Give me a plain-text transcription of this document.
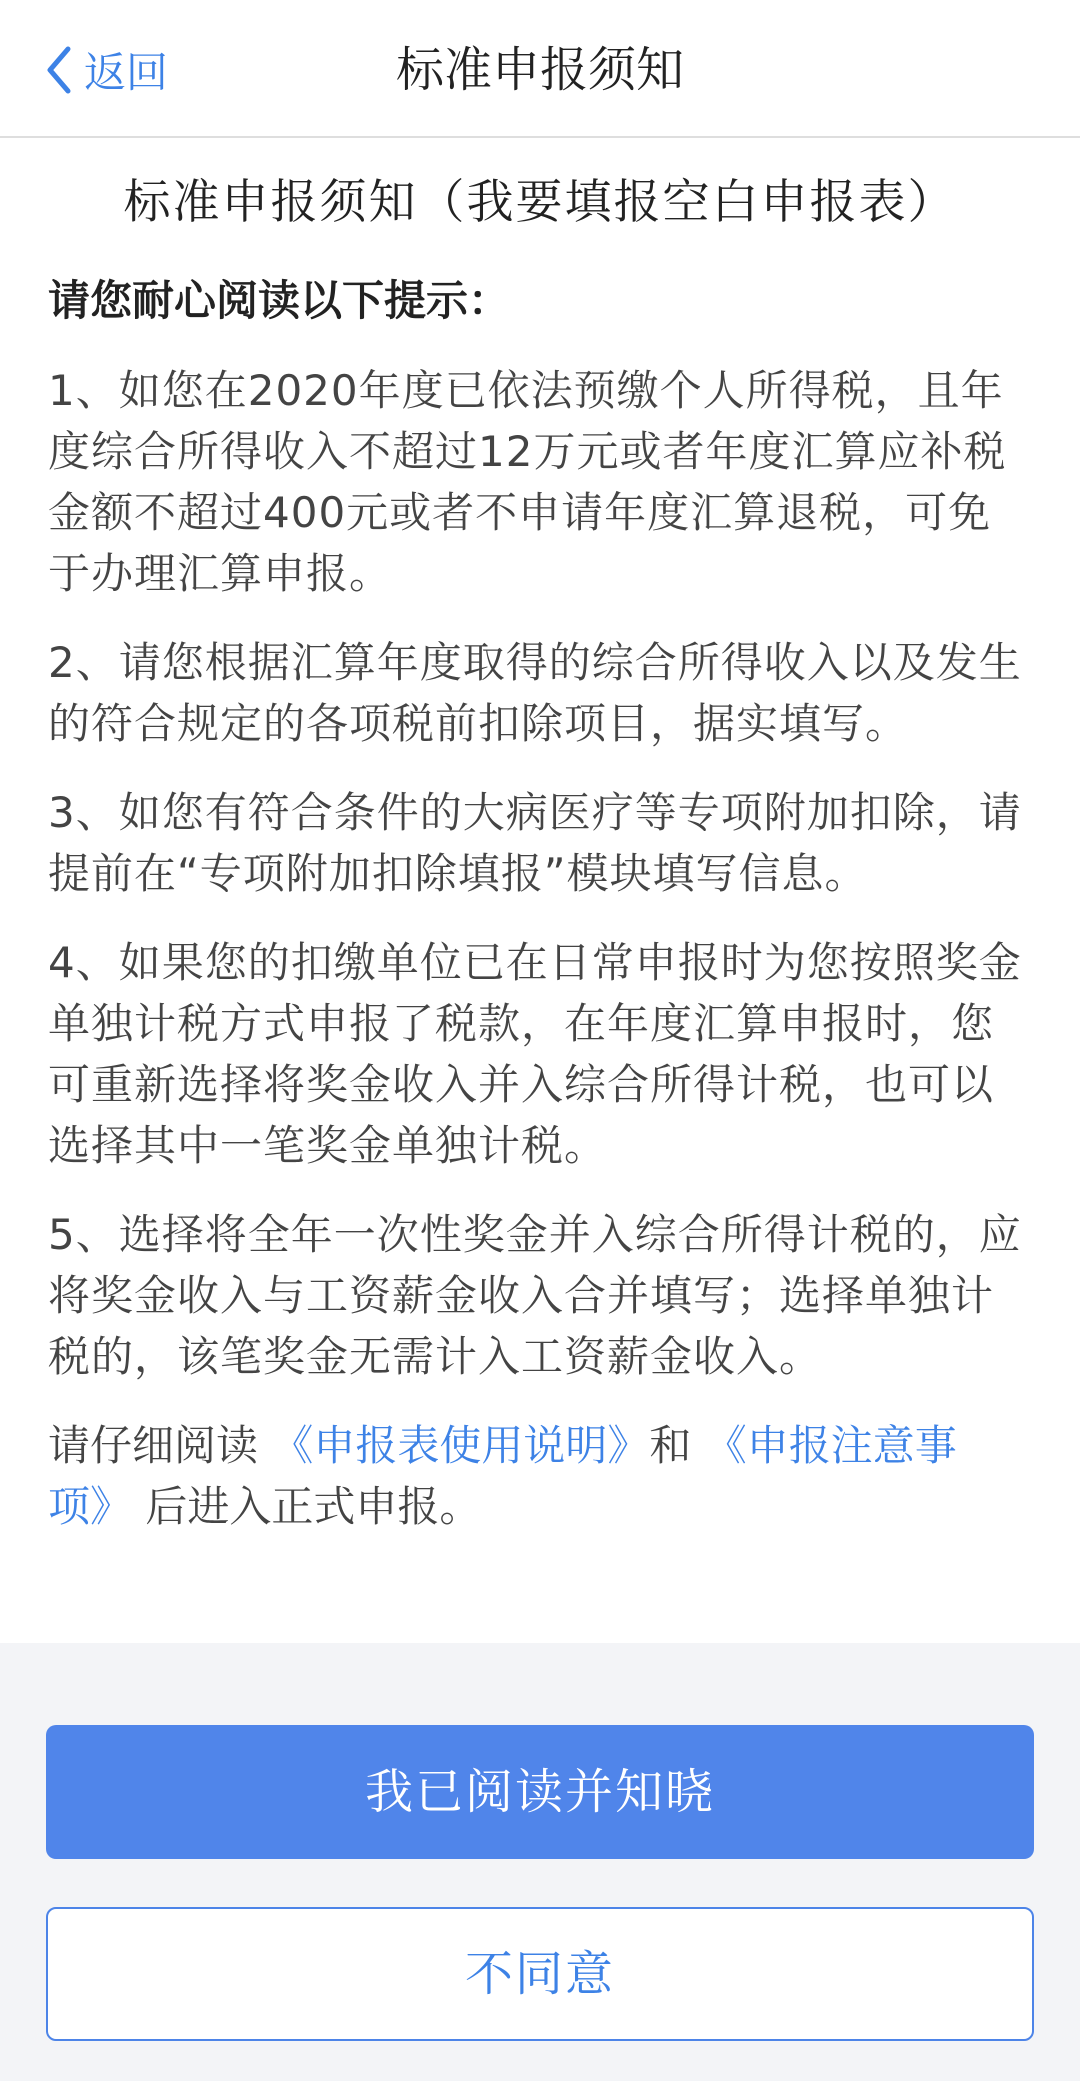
返回	标准申报须知
标准申报须知（我要填报空白申报表）
请您耐心阅读以下提示：

1、如您在2020年度已依法预缴个人所得税，且年度综合所得收入不超过12万元或者年度汇算应补税金额不超过400元或者不申请年度汇算退税，可免于办理汇算申报。

2、请您根据汇算年度取得的综合所得收入以及发生的符合规定的各项税前扣除项目，据实填写。

3、如您有符合条件的大病医疗等专项附加扣除，请提前在“专项附加扣除填报”模块填写信息。

4、如果您的扣缴单位已在日常申报时为您按照奖金单独计税方式申报了税款，在年度汇算申报时，您可重新选择将奖金收入并入综合所得计税，也可以选择其中一笔奖金单独计税。

5、选择将全年一次性奖金并入综合所得计税的，应将奖金收入与工资薪金收入合并填写；选择单独计税的，该笔奖金无需计入工资薪金收入。

请仔细阅读 《申报表使用说明》和 《申报注意事项》 后进入正式申报。
我已阅读并知晓
不同意
